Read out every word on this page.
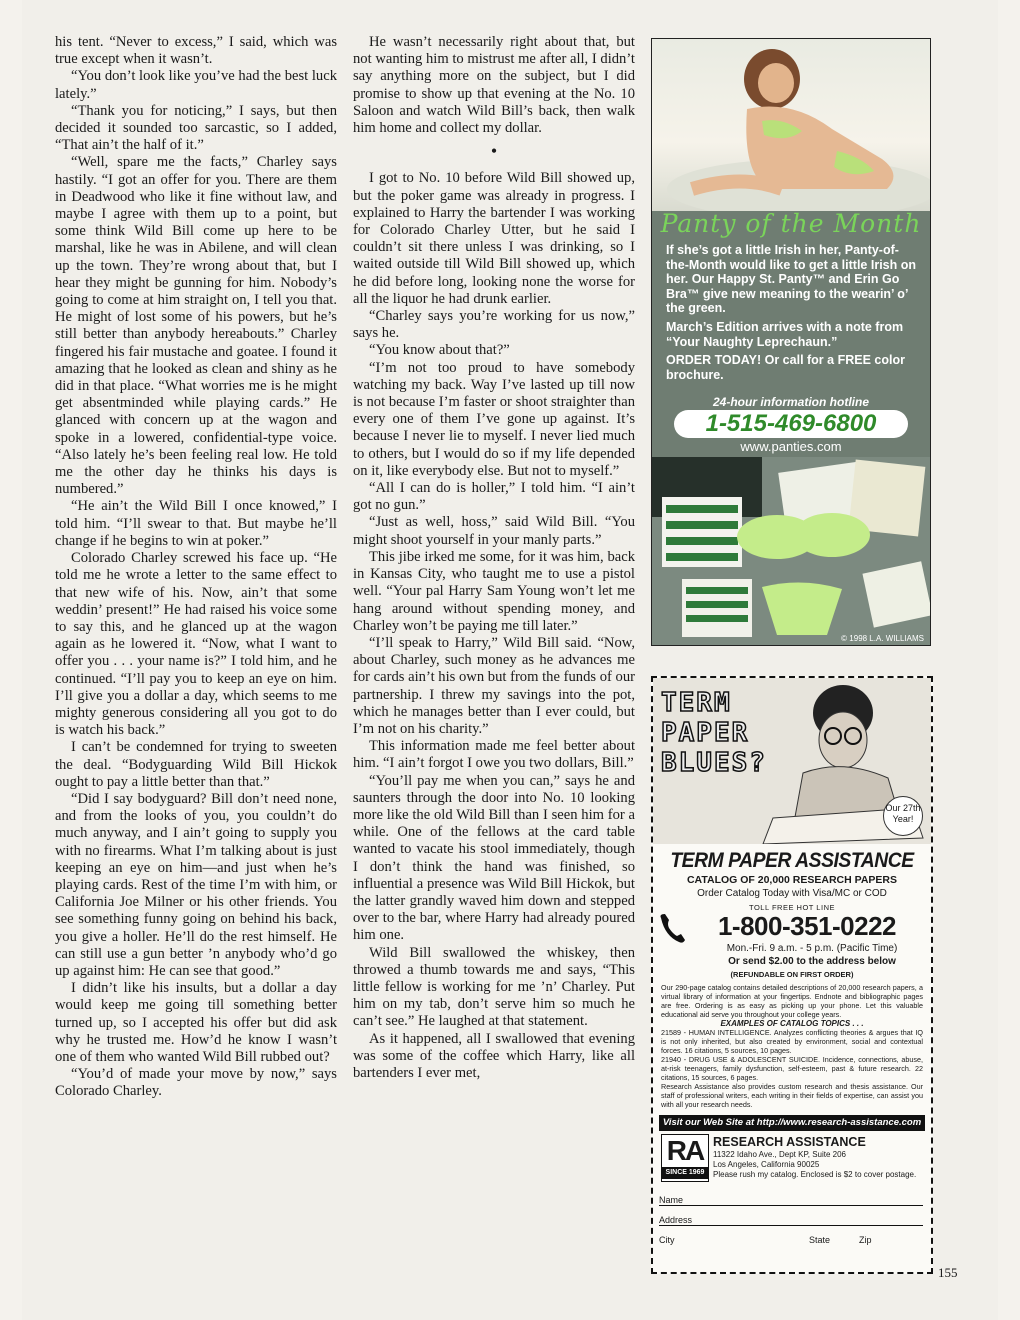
his tent. “Never to excess,” I said, which was true except when it wasn’t.

“You don’t look like you’ve had the best luck lately.”

“Thank you for noticing,” I says, but then decided it sounded too sarcastic, so I added, “That ain’t the half of it.”

“Well, spare me the facts,” Charley says hastily. “I got an offer for you. There are them in Deadwood who like it fine without law, and maybe I agree with them up to a point, but some think Wild Bill come up here to be marshal, like he was in Abilene, and will clean up the town. They’re wrong about that, but I hear they might be gunning for him. Nobody’s going to come at him straight on, I tell you that. He might of lost some of his powers, but he’s still better than anybody hereabouts.” Charley fingered his fair mustache and goatee. I found it amazing that he looked as clean and shiny as he did in that place. “What worries me is he might get absentminded while playing cards.” He glanced with concern up at the wagon and spoke in a lowered, confidential-type voice. “Also lately he’s been feeling real low. He told me the other day he thinks his days is numbered.”

“He ain’t the Wild Bill I once knowed,” I told him. “I’ll swear to that. But maybe he’ll change if he begins to win at poker.”

Colorado Charley screwed his face up. “He told me he wrote a letter to the same effect to that new wife of his. Now, ain’t that some weddin’ present!” He had raised his voice some to say this, and he glanced up at the wagon again as he lowered it. “Now, what I want to offer you . . . your name is?” I told him, and he continued. “I’ll pay you to keep an eye on him. I’ll give you a dollar a day, which seems to me mighty generous considering all you got to do is watch his back.”

I can’t be condemned for trying to sweeten the deal. “Bodyguarding Wild Bill Hickok ought to pay a little better than that.”

“Did I say bodyguard? Bill don’t need none, and from the looks of you, you couldn’t do much anyway, and I ain’t going to supply you with no firearms. What I’m talking about is just keeping an eye on him—and just when he’s playing cards. Rest of the time I’m with him, or California Joe Milner or his other friends. You see something funny going on behind his back, you give a holler. He’ll do the rest himself. He can still use a gun better ’n anybody who’d go up against him: He can see that good.”

I didn’t like his insults, but a dollar a day would keep me going till something better turned up, so I accepted his offer but did ask why he trusted me. How’d he know I wasn’t one of them who wanted Wild Bill rubbed out?

“You’d of made your move by now,” says Colorado Charley.

He wasn’t necessarily right about that, but not wanting him to mistrust me after all, I didn’t say anything more on the subject, but I did promise to show up that evening at the No. 10 Saloon and watch Wild Bill’s back, then walk him home and collect my dollar.

•

I got to No. 10 before Wild Bill showed up, but the poker game was already in progress. I explained to Harry the bartender I was working for Colorado Charley Utter, but he said I couldn’t sit there unless I was drinking, so I waited outside till Wild Bill showed up, which he did before long, looking none the worse for all the liquor he had drunk earlier.

“Charley says you’re working for us now,” says he.

“You know about that?”

“I’m not too proud to have somebody watching my back. Way I’ve lasted up till now is not because I’m faster or shoot straighter than every one of them I’ve gone up against. It’s because I never lie to myself. I never lied much to others, but I would do so if my life depended on it, like everybody else. But not to myself.”

“All I can do is holler,” I told him. “I ain’t got no gun.”

“Just as well, hoss,” said Wild Bill. “You might shoot yourself in your manly parts.”

This jibe irked me some, for it was him, back in Kansas City, who taught me to use a pistol well. “Your pal Harry Sam Young won’t let me hang around without spending money, and Charley won’t be paying me till later.”

“I’ll speak to Harry,” Wild Bill said. “Now, about Charley, such money as he advances me for cards ain’t his own but from the funds of our partnership. I threw my savings into the pot, which he manages better than I ever could, but I’m not on his charity.”

This information made me feel better about him. “I ain’t forgot I owe you two dollars, Bill.”

“You’ll pay me when you can,” says he and saunters through the door into No. 10 looking more like the old Wild Bill than I seen him for a while. One of the fellows at the card table wanted to vacate his stool immediately, though I don’t think the hand was finished, so influential a presence was Wild Bill Hickok, but the latter grandly waved him down and stepped over to the bar, where Harry had already poured him one.

Wild Bill swallowed the whiskey, then throwed a thumb towards me and says, “This little fellow is working for me ’n’ Charley. Put him on my tab, don’t serve him so much he can’t see.” He laughed at that statement.

As it happened, all I swallowed that evening was some of the coffee which Harry, like all bartenders I ever met,

Panty of the Month

If she’s got a little Irish in her, Panty-of-the-Month would like to get a little Irish on her. Our Happy St. Panty™ and Erin Go Bra™ give new meaning to the wearin’ o’ the green.

March’s Edition arrives with a note from “Your Naughty Leprechaun.”

ORDER TODAY! Or call for a FREE color brochure.

24-hour information hotline
1-515-469-6800
www.panties.com
© 1998 L.A. WILLIAMS
TERM PAPER BLUES?
Our 27th Year!
TERM PAPER ASSISTANCE
CATALOG OF 20,000 RESEARCH PAPERS
Order Catalog Today with Visa/MC or COD
TOLL FREE HOT LINE
1-800-351-0222
Mon.-Fri. 9 a.m. - 5 p.m. (Pacific Time)
Or send $2.00 to the address below
(REFUNDABLE ON FIRST ORDER)

Our 290-page catalog contains detailed descriptions of 20,000 research papers, a virtual library of information at your fingertips. Endnote and bibliographic pages are free. Ordering is as easy as picking up your phone. Let this valuable educational aid serve you throughout your college years.

EXAMPLES OF CATALOG TOPICS . . .

21589 - HUMAN INTELLIGENCE. Analyzes conflicting theories & argues that IQ is not only inherited, but also created by environment, social and contextual forces. 16 citations, 5 sources, 10 pages.

21940 - DRUG USE & ADOLESCENT SUICIDE. Incidence, connections, abuse, at-risk teenagers, family dysfunction, self-esteem, past & future research. 22 citations, 15 sources, 6 pages.

Research Assistance also provides custom research and thesis assistance. Our staff of professional writers, each writing in their fields of expertise, can assist you with all your research needs.

Visit our Web Site at http://www.research-assistance.com
RA
SINCE 1969
RESEARCH ASSISTANCE
11322 Idaho Ave., Dept KP, Suite 206
Los Angeles, California 90025
Please rush my catalog. Enclosed is $2 to cover postage.
Name
Address
City	State	Zip
155
